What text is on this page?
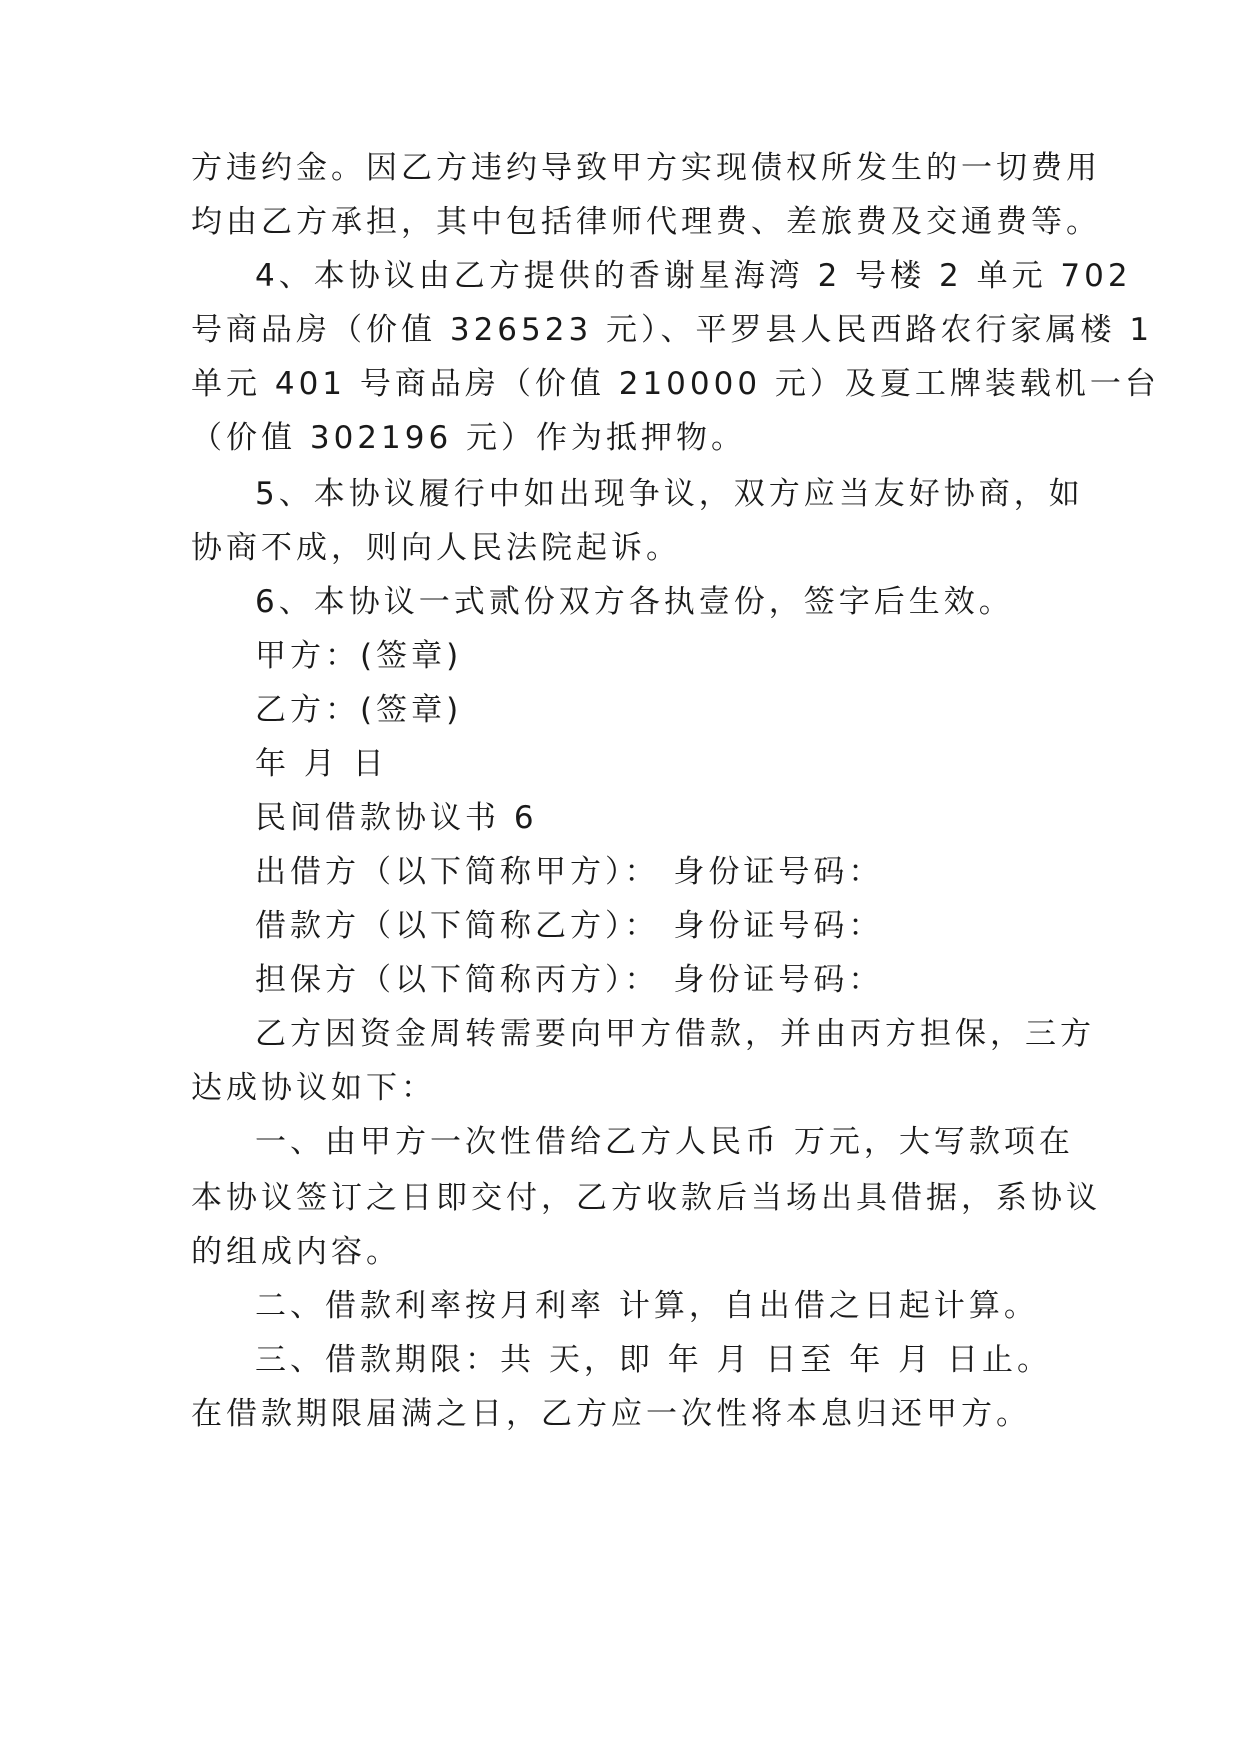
方违约金。因乙方违约导致甲方实现债权所发生的一切费用
均由乙方承担，其中包括律师代理费、差旅费及交通费等。
4、本协议由乙方提供的香谢星海湾 2 号楼 2 单元 702
号商品房（价值 326523 元）、平罗县人民西路农行家属楼 1
单元 401 号商品房（价值 210000 元）及夏工牌装载机一台
（价值 302196 元）作为抵押物。
5、本协议履行中如出现争议，双方应当友好协商，如
协商不成，则向人民法院起诉。
6、本协议一式贰份双方各执壹份，签字后生效。
甲方：(签章)
乙方：(签章)
年 月 日
民间借款协议书 6
出借方（以下简称甲方）： 身份证号码：
借款方（以下简称乙方）： 身份证号码：
担保方（以下简称丙方）： 身份证号码：
乙方因资金周转需要向甲方借款，并由丙方担保，三方
达成协议如下：
一、由甲方一次性借给乙方人民币 万元，大写款项在
本协议签订之日即交付，乙方收款后当场出具借据，系协议
的组成内容。
二、借款利率按月利率 计算，自出借之日起计算。
三、借款期限：共 天，即 年 月 日至 年 月 日止。
在借款期限届满之日，乙方应一次性将本息归还甲方。
